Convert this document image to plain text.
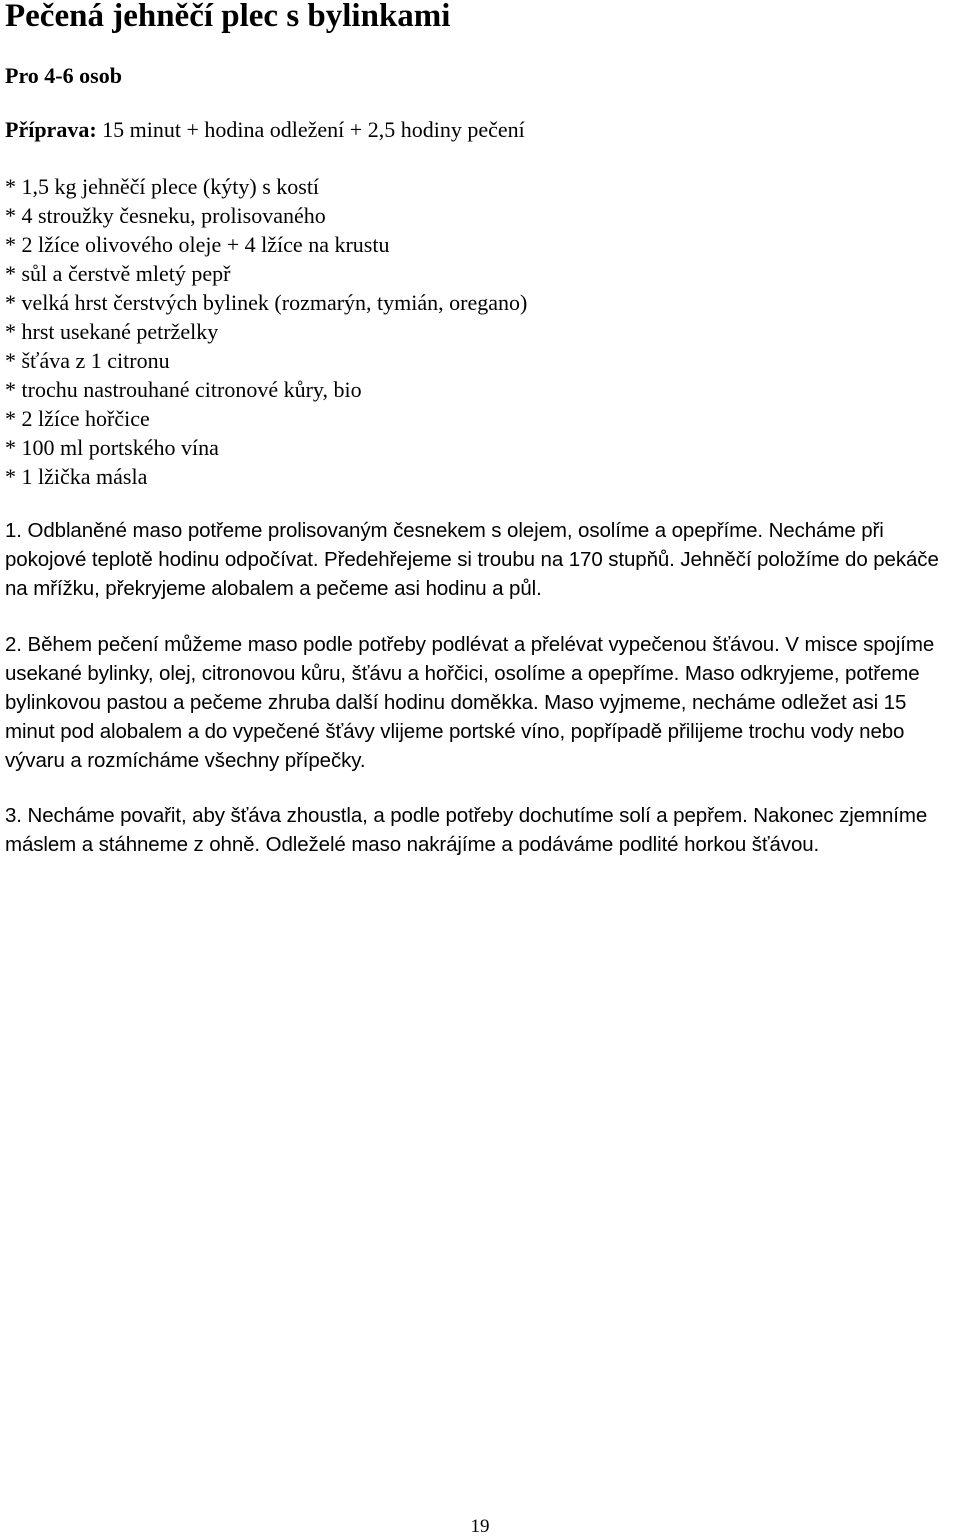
Pečená jehněčí plec s bylinkami

Pro 4-6 osob

Příprava: 15 minut + hodina odležení + 2,5 hodiny pečení

* 1,5 kg jehněčí plece (kýty) s kostí
* 4 stroužky česneku, prolisovaného
* 2 lžíce olivového oleje + 4 lžíce na krustu
* sůl a čerstvě mletý pepř
* velká hrst čerstvých bylinek (rozmarýn, tymián, oregano)
* hrst usekané petrželky
* šťáva z 1 citronu
* trochu nastrouhané citronové kůry, bio
* 2 lžíce hořčice
* 100 ml portského vína
* 1 lžička másla

1. Odblaněné maso potřeme prolisovaným česnekem s olejem, osolíme a opepříme. Necháme při pokojové teplotě hodinu odpočívat. Předehřejeme si troubu na 170 stupňů. Jehněčí položíme do pekáče na mřížku, překryjeme alobalem a pečeme asi hodinu a půl.

2. Během pečení můžeme maso podle potřeby podlévat a přelévat vypečenou šťávou. V misce spojíme usekané bylinky, olej, citronovou kůru, šťávu a hořčici, osolíme a opepříme. Maso odkryjeme, potřeme bylinkovou pastou a pečeme zhruba další hodinu doměkka. Maso vyjmeme, necháme odležet asi 15 minut pod alobalem a do vypečené šťávy vlijeme portské víno, popřípadě přilijeme trochu vody nebo vývaru a rozmícháme všechny přípečky.

3. Necháme povařit, aby šťáva zhoustla, a podle potřeby dochutíme solí a pepřem. Nakonec zjemníme máslem a stáhneme z ohně. Odleželé maso nakrájíme a podáváme podlité horkou šťávou.

19
